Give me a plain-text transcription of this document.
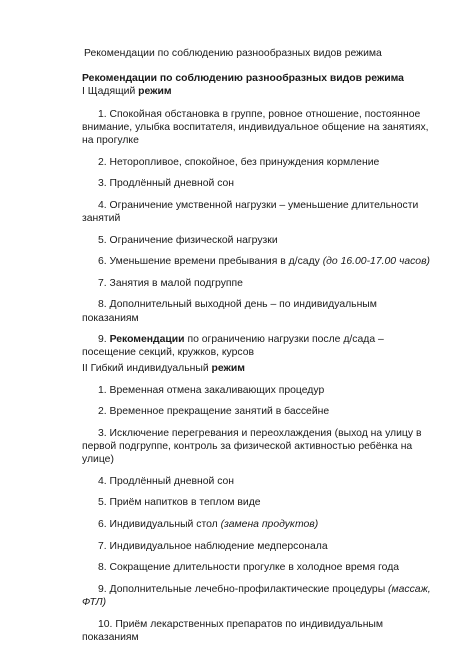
Рекомендации по соблюдению разнообразных видов режима
Рекомендации по соблюдению разнообразных видов режима
I Щадящий режим

1. Спокойная обстановка в группе, ровное отношение, постоянное внимание, улыбка воспитателя, индивидуальное общение на занятиях, на прогулке

2. Неторопливое, спокойное, без принуждения кормление

3. Продлённый дневной сон

4. Ограничение умственной нагрузки – уменьшение длительности занятий

5. Ограничение физической нагрузки

6. Уменьшение времени пребывания в д/саду (до 16.00-17.00 часов)

7. Занятия в малой подгруппе

8. Дополнительный выходной день – по индивидуальным показаниям

9. Рекомендации по ограничению нагрузки после д/сада – посещение секций, кружков, курсов

II Гибкий индивидуальный режим

1. Временная отмена закаливающих процедур

2. Временное прекращение занятий в бассейне

3. Исключение перегревания и переохлаждения (выход на улицу в первой подгруппе, контроль за физической активностью ребёнка на улице)

4. Продлённый дневной сон

5. Приём напитков в теплом виде

6. Индивидуальный стол (замена продуктов)

7. Индивидуальное наблюдение медперсонала

8. Сокращение длительности прогулке в холодное время года

9. Дополнительные лечебно-профилактические процедуры (массаж, ФТЛ)

10. Приём лекарственных препаратов по индивидуальным показаниям
